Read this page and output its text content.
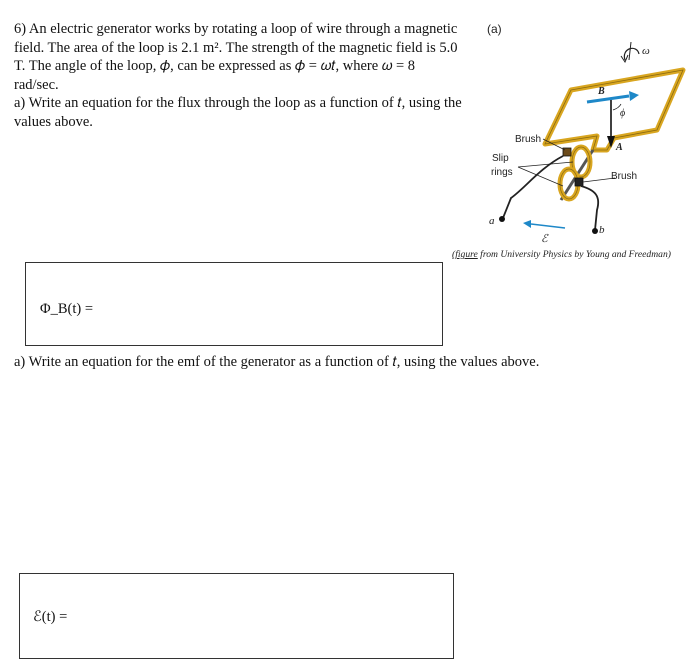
6) An electric generator works by rotating a loop of wire through a magnetic

field. The area of the loop is 2.1 m². The strength of the magnetic field is 5.0

T. The angle of the loop, 𝜙, can be expressed as 𝜙 = 𝜔𝑡, where 𝜔 = 8

rad/sec.

a) Write an equation for the flux through the loop as a function of 𝑡, using the

values above.

(a)
ω
B
A
ϕ
Brush
Slip
rings	Brush
a
b
ℰ
(figure from University Physics by Young and Freedman)
Φ_B(t) =
a) Write an equation for the emf of the generator as a function of 𝑡, using the values above.
ℰ(t) =
